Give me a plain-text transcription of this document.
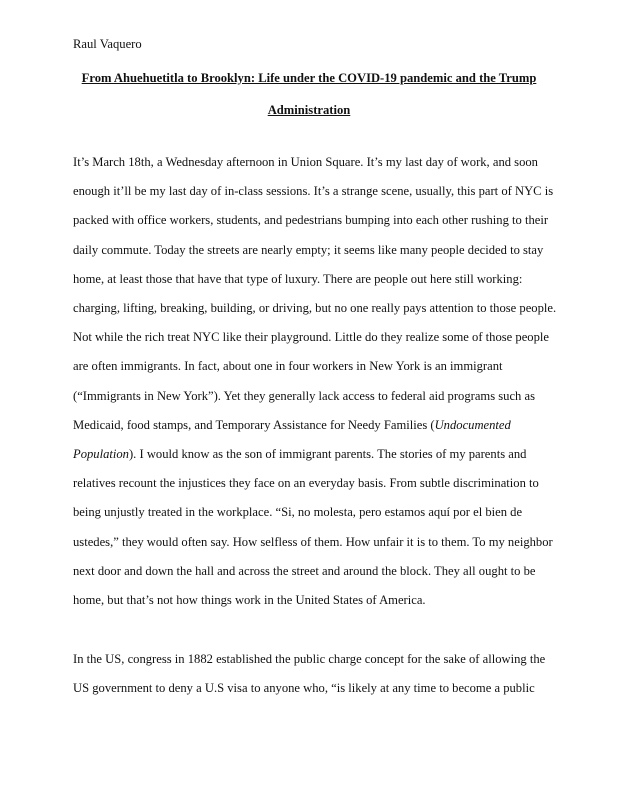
Raul Vaquero
From Ahuehuetitla to Brooklyn: Life under the COVID-19 pandemic and the Trump
Administration
It’s March 18th, a Wednesday afternoon in Union Square. It’s my last day of work, and soon
enough it’ll be my last day of in-class sessions. It’s a strange scene, usually, this part of NYC is
packed with office workers, students, and pedestrians bumping into each other rushing to their
daily commute. Today the streets are nearly empty; it seems like many people decided to stay
home, at least those that have that type of luxury. There are people out here still working:
charging, lifting, breaking, building, or driving, but no one really pays attention to those people.
Not while the rich treat NYC like their playground. Little do they realize some of those people
are often immigrants. In fact, about one in four workers in New York is an immigrant
(“Immigrants in New York”). Yet they generally lack access to federal aid programs such as
Medicaid, food stamps, and Temporary Assistance for Needy Families (Undocumented
Population). I would know as the son of immigrant parents. The stories of my parents and
relatives recount the injustices they face on an everyday basis. From subtle discrimination to
being unjustly treated in the workplace. “Si, no molesta, pero estamos aquí por el bien de
ustedes,” they would often say. How selfless of them. How unfair it is to them. To my neighbor
next door and down the hall and across the street and around the block. They all ought to be
home, but that’s not how things work in the United States of America.
In the US, congress in 1882 established the public charge concept for the sake of allowing the
US government to deny a U.S visa to anyone who, “is likely at any time to become a public
